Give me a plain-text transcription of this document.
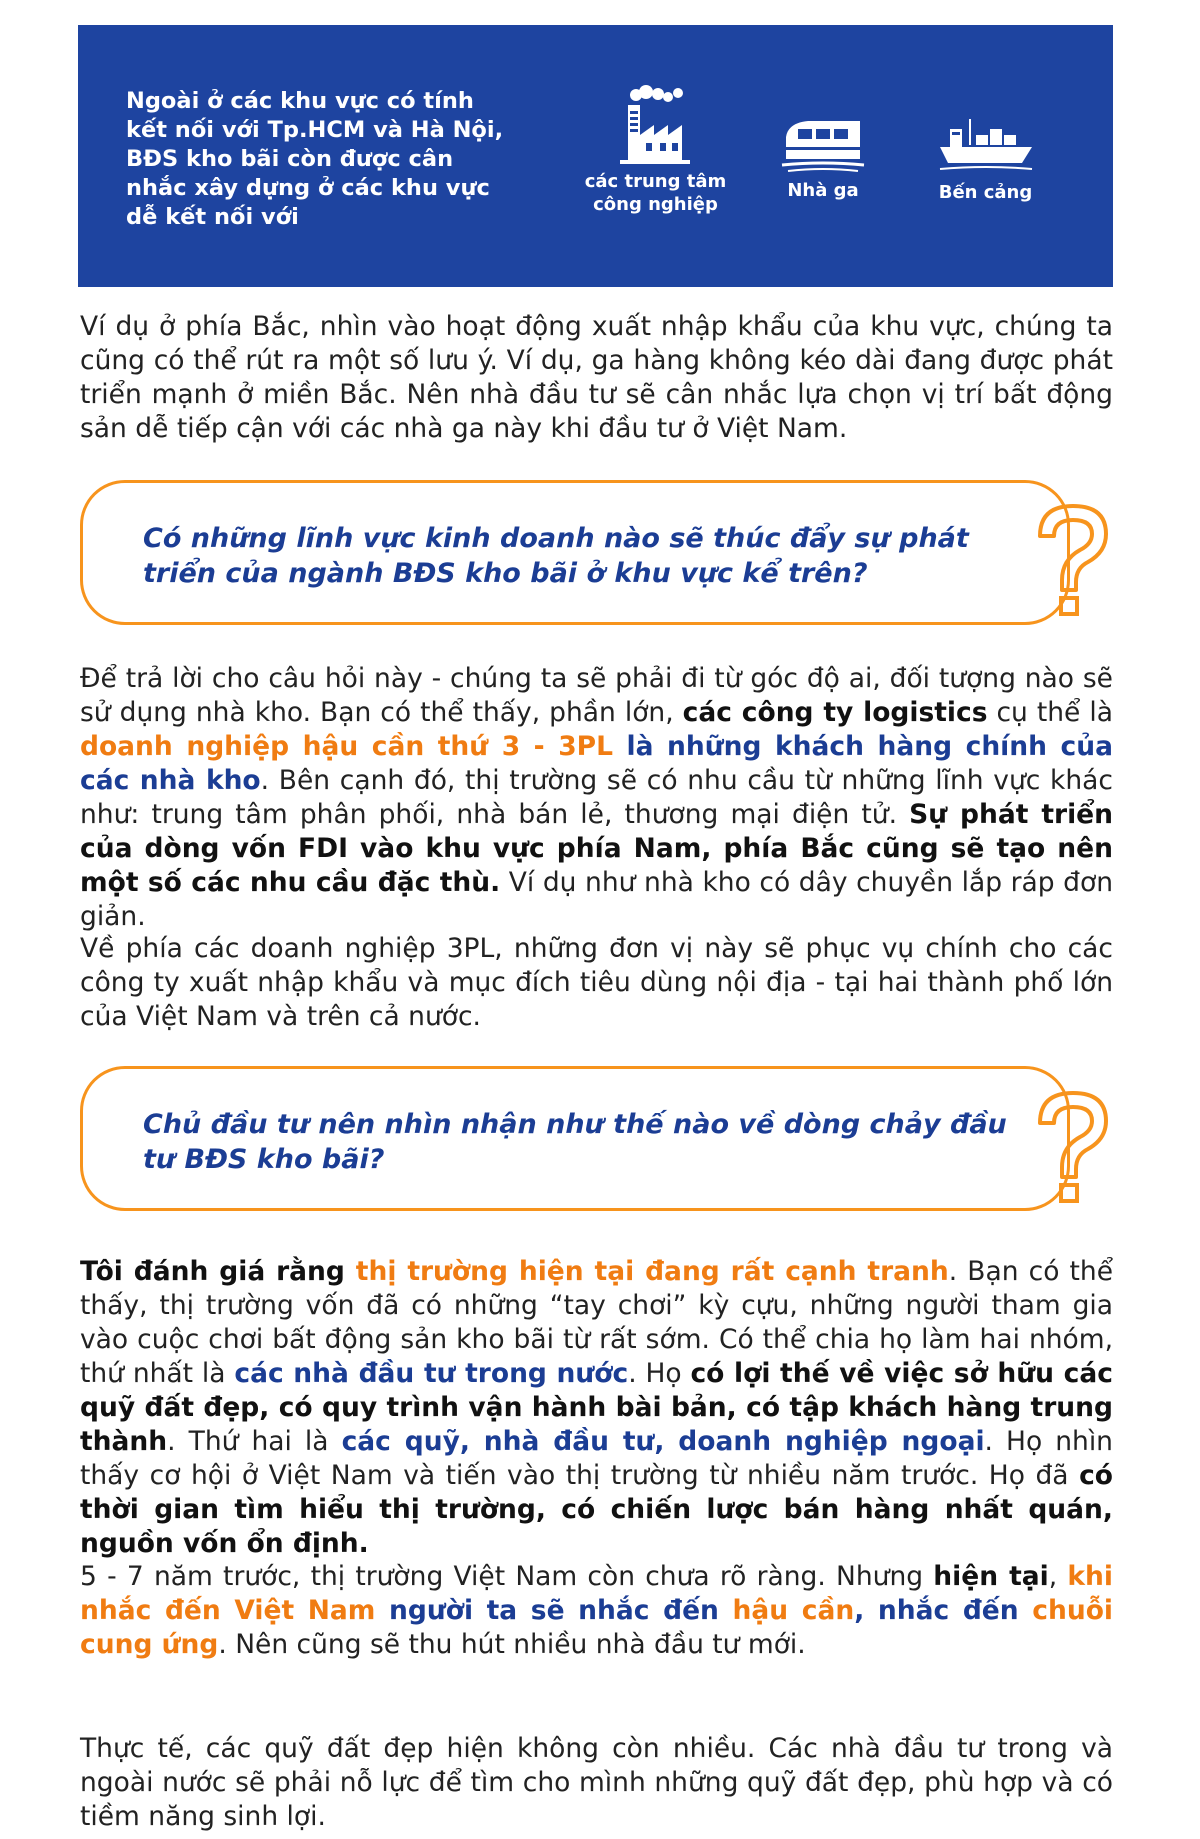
Ngoài ở các khu vực có tính kết nối với Tp.HCM và Hà Nội, BĐS kho bãi còn được cân nhắc xây dựng ở các khu vực dễ kết nối với
các trung tâm công nghiệp
Nhà ga	Bến cảng
Ví dụ ở phía Bắc, nhìn vào hoạt động xuất nhập khẩu của khu vực, chúng ta cũng có thể rút ra một số lưu ý. Ví dụ, ga hàng không kéo dài đang được phát triển mạnh ở miền Bắc. Nên nhà đầu tư sẽ cân nhắc lựa chọn vị trí bất động sản dễ tiếp cận với các nhà ga này khi đầu tư ở Việt Nam.
Có những lĩnh vực kinh doanh nào sẽ thúc đẩy sự phát triển của ngành BĐS kho bãi ở khu vực kể trên?
Để trả lời cho câu hỏi này - chúng ta sẽ phải đi từ góc độ ai, đối tượng nào sẽ sử dụng nhà kho. Bạn có thể thấy, phần lớn, các công ty logistics cụ thể là doanh nghiệp hậu cần thứ 3 - 3PL là những khách hàng chính của các nhà kho. Bên cạnh đó, thị trường sẽ có nhu cầu từ những lĩnh vực khác như: trung tâm phân phối, nhà bán lẻ, thương mại điện tử. Sự phát triển của dòng vốn FDI vào khu vực phía Nam, phía Bắc cũng sẽ tạo nên một số các nhu cầu đặc thù. Ví dụ như nhà kho có dây chuyền lắp ráp đơn giản.
Về phía các doanh nghiệp 3PL, những đơn vị này sẽ phục vụ chính cho các công ty xuất nhập khẩu và mục đích tiêu dùng nội địa - tại hai thành phố lớn của Việt Nam và trên cả nước.
Chủ đầu tư nên nhìn nhận như thế nào về dòng chảy đầu tư BĐS kho bãi?
Tôi đánh giá rằng thị trường hiện tại đang rất cạnh tranh. Bạn có thể thấy, thị trường vốn đã có những “tay chơi” kỳ cựu, những người tham gia vào cuộc chơi bất động sản kho bãi từ rất sớm. Có thể chia họ làm hai nhóm, thứ nhất là các nhà đầu tư trong nước. Họ có lợi thế về việc sở hữu các quỹ đất đẹp, có quy trình vận hành bài bản, có tập khách hàng trung thành. Thứ hai là các quỹ, nhà đầu tư, doanh nghiệp ngoại. Họ nhìn thấy cơ hội ở Việt Nam và tiến vào thị trường từ nhiều năm trước. Họ đã có thời gian tìm hiểu thị trường, có chiến lược bán hàng nhất quán, nguồn vốn ổn định.
5 - 7 năm trước, thị trường Việt Nam còn chưa rõ ràng. Nhưng hiện tại, khi nhắc đến Việt Nam người ta sẽ nhắc đến hậu cần, nhắc đến chuỗi cung ứng. Nên cũng sẽ thu hút nhiều nhà đầu tư mới.
Thực tế, các quỹ đất đẹp hiện không còn nhiều. Các nhà đầu tư trong và ngoài nước sẽ phải nỗ lực để tìm cho mình những quỹ đất đẹp, phù hợp và có tiềm năng sinh lợi.
